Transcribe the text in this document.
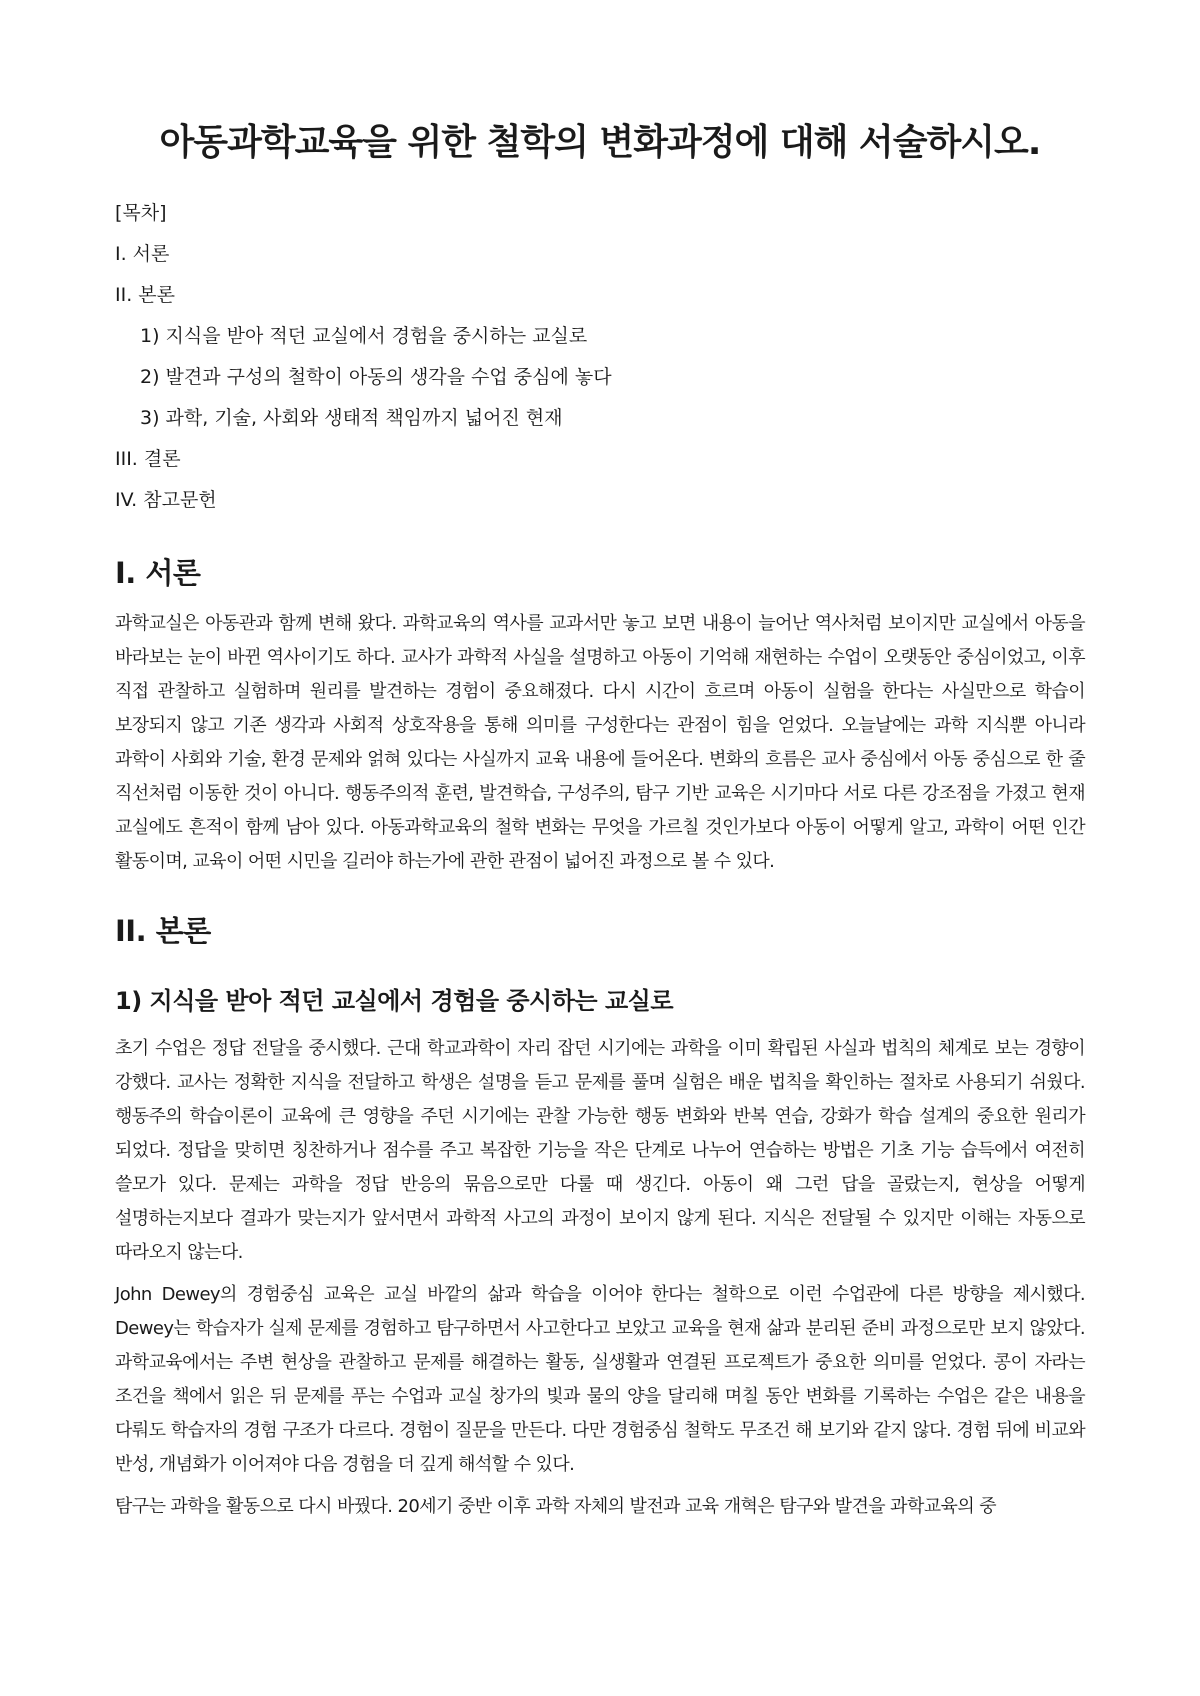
아동과학교육을 위한 철학의 변화과정에 대해 서술하시오.
[목차]
I. 서론
II. 본론
1) 지식을 받아 적던 교실에서 경험을 중시하는 교실로
2) 발견과 구성의 철학이 아동의 생각을 수업 중심에 놓다
3) 과학, 기술, 사회와 생태적 책임까지 넓어진 현재
III. 결론
IV. 참고문헌
I. 서론

과학교실은 아동관과 함께 변해 왔다. 과학교육의 역사를 교과서만 놓고 보면 내용이 늘어난 역사처럼 보이지만 교실에서 아동을 바라보는 눈이 바뀐 역사이기도 하다. 교사가 과학적 사실을 설명하고 아동이 기억해 재현하는 수업이 오랫동안 중심이었고, 이후 직접 관찰하고 실험하며 원리를 발견하는 경험이 중요해졌다. 다시 시간이 흐르며 아동이 실험을 한다는 사실만으로 학습이 보장되지 않고 기존 생각과 사회적 상호작용을 통해 의미를 구성한다는 관점이 힘을 얻었다. 오늘날에는 과학 지식뿐 아니라 과학이 사회와 기술, 환경 문제와 얽혀 있다는 사실까지 교육 내용에 들어온다. 변화의 흐름은 교사 중심에서 아동 중심으로 한 줄 직선처럼 이동한 것이 아니다. 행동주의적 훈련, 발견학습, 구성주의, 탐구 기반 교육은 시기마다 서로 다른 강조점을 가졌고 현재 교실에도 흔적이 함께 남아 있다. 아동과학교육의 철학 변화는 무엇을 가르칠 것인가보다 아동이 어떻게 알고, 과학이 어떤 인간 활동이며, 교육이 어떤 시민을 길러야 하는가에 관한 관점이 넓어진 과정으로 볼 수 있다.

II. 본론
1) 지식을 받아 적던 교실에서 경험을 중시하는 교실로

초기 수업은 정답 전달을 중시했다. 근대 학교과학이 자리 잡던 시기에는 과학을 이미 확립된 사실과 법칙의 체계로 보는 경향이 강했다. 교사는 정확한 지식을 전달하고 학생은 설명을 듣고 문제를 풀며 실험은 배운 법칙을 확인하는 절차로 사용되기 쉬웠다. 행동주의 학습이론이 교육에 큰 영향을 주던 시기에는 관찰 가능한 행동 변화와 반복 연습, 강화가 학습 설계의 중요한 원리가 되었다. 정답을 맞히면 칭찬하거나 점수를 주고 복잡한 기능을 작은 단계로 나누어 연습하는 방법은 기초 기능 습득에서 여전히 쓸모가 있다. 문제는 과학을 정답 반응의 묶음으로만 다룰 때 생긴다. 아동이 왜 그런 답을 골랐는지, 현상을 어떻게 설명하는지보다 결과가 맞는지가 앞서면서 과학적 사고의 과정이 보이지 않게 된다. 지식은 전달될 수 있지만 이해는 자동으로 따라오지 않는다.

John Dewey의 경험중심 교육은 교실 바깥의 삶과 학습을 이어야 한다는 철학으로 이런 수업관에 다른 방향을 제시했다. Dewey는 학습자가 실제 문제를 경험하고 탐구하면서 사고한다고 보았고 교육을 현재 삶과 분리된 준비 과정으로만 보지 않았다. 과학교육에서는 주변 현상을 관찰하고 문제를 해결하는 활동, 실생활과 연결된 프로젝트가 중요한 의미를 얻었다. 콩이 자라는 조건을 책에서 읽은 뒤 문제를 푸는 수업과 교실 창가의 빛과 물의 양을 달리해 며칠 동안 변화를 기록하는 수업은 같은 내용을 다뤄도 학습자의 경험 구조가 다르다. 경험이 질문을 만든다. 다만 경험중심 철학도 무조건 해 보기와 같지 않다. 경험 뒤에 비교와 반성, 개념화가 이어져야 다음 경험을 더 깊게 해석할 수 있다.

탐구는 과학을 활동으로 다시 바꿨다. 20세기 중반 이후 과학 자체의 발전과 교육 개혁은 탐구와 발견을 과학교육의 중
